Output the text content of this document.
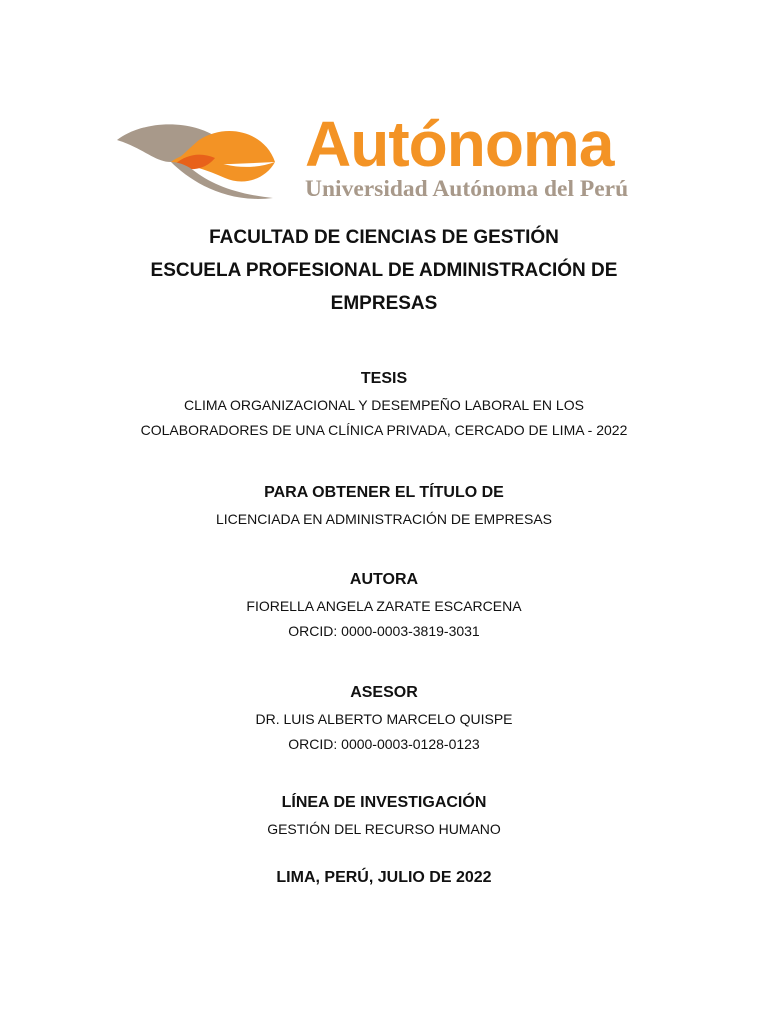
Autónoma
Universidad Autónoma del Perú
FACULTAD DE CIENCIAS DE GESTIÓN
ESCUELA PROFESIONAL DE ADMINISTRACIÓN DE
EMPRESAS
TESIS
CLIMA ORGANIZACIONAL Y DESEMPEÑO LABORAL EN LOS
COLABORADORES DE UNA CLÍNICA PRIVADA, CERCADO DE LIMA - 2022
PARA OBTENER EL TÍTULO DE
LICENCIADA EN ADMINISTRACIÓN DE EMPRESAS
AUTORA
FIORELLA ANGELA ZARATE ESCARCENA
ORCID: 0000-0003-3819-3031
ASESOR
DR. LUIS ALBERTO MARCELO QUISPE
ORCID: 0000-0003-0128-0123
LÍNEA DE INVESTIGACIÓN
GESTIÓN DEL RECURSO HUMANO
LIMA, PERÚ, JULIO DE 2022
